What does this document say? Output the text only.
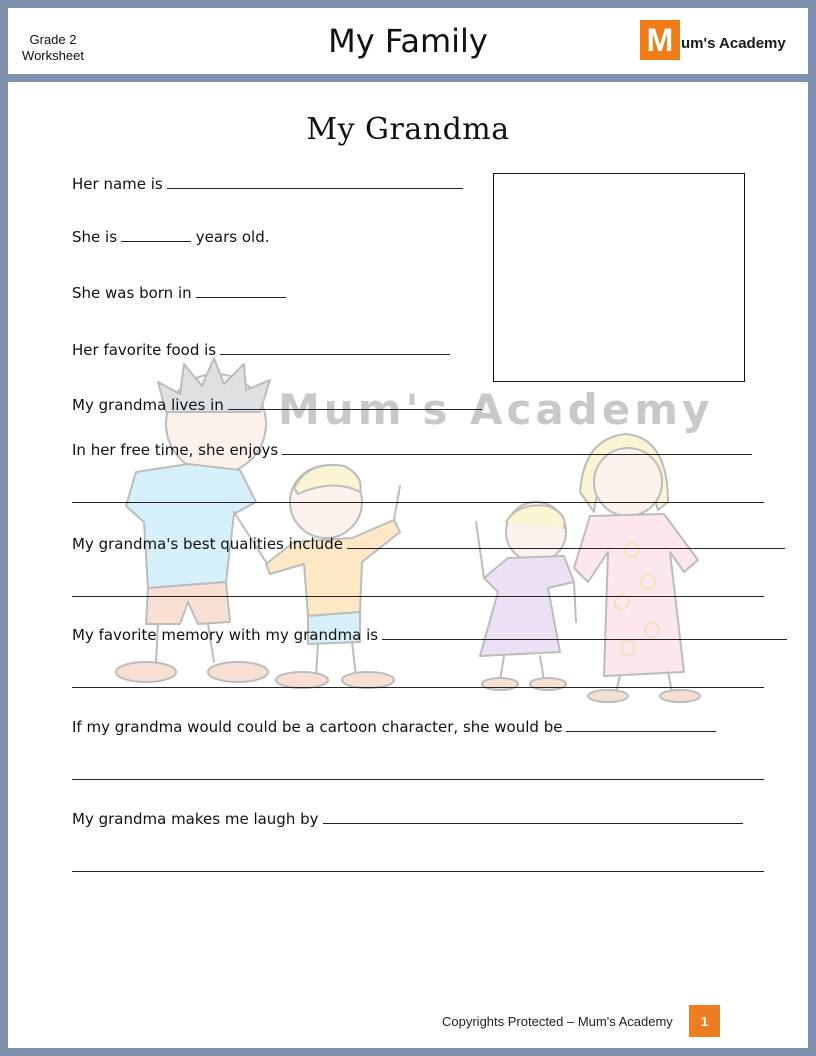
Grade 2
Worksheet	My Family	M um's Academy
Mum's Academy
My Grandma
Her name is
She is	years old.
She was born in
Her favorite food is
My grandma lives in
In her free time, she enjoys
My grandma's best qualities include
My favorite memory with my grandma is
If my grandma would could be a cartoon character, she would be
My grandma makes me laugh by
Copyrights Protected – Mum's Academy	1
